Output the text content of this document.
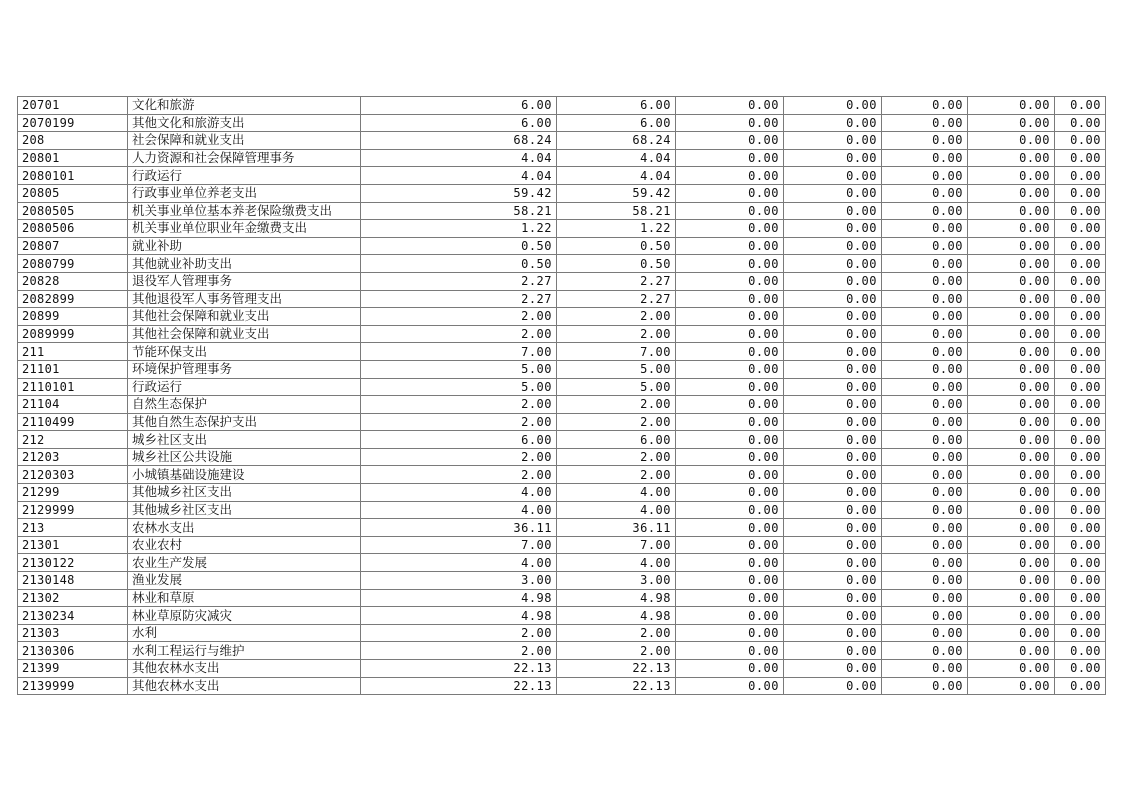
20701	文化和旅游	6.00	6.00	0.00	0.00	0.00	0.00	0.00
2070199	其他文化和旅游支出	6.00	6.00	0.00	0.00	0.00	0.00	0.00
208	社会保障和就业支出	68.24	68.24	0.00	0.00	0.00	0.00	0.00
20801	人力资源和社会保障管理事务	4.04	4.04	0.00	0.00	0.00	0.00	0.00
2080101	行政运行	4.04	4.04	0.00	0.00	0.00	0.00	0.00
20805	行政事业单位养老支出	59.42	59.42	0.00	0.00	0.00	0.00	0.00
2080505	机关事业单位基本养老保险缴费支出	58.21	58.21	0.00	0.00	0.00	0.00	0.00
2080506	机关事业单位职业年金缴费支出	1.22	1.22	0.00	0.00	0.00	0.00	0.00
20807	就业补助	0.50	0.50	0.00	0.00	0.00	0.00	0.00
2080799	其他就业补助支出	0.50	0.50	0.00	0.00	0.00	0.00	0.00
20828	退役军人管理事务	2.27	2.27	0.00	0.00	0.00	0.00	0.00
2082899	其他退役军人事务管理支出	2.27	2.27	0.00	0.00	0.00	0.00	0.00
20899	其他社会保障和就业支出	2.00	2.00	0.00	0.00	0.00	0.00	0.00
2089999	其他社会保障和就业支出	2.00	2.00	0.00	0.00	0.00	0.00	0.00
211	节能环保支出	7.00	7.00	0.00	0.00	0.00	0.00	0.00
21101	环境保护管理事务	5.00	5.00	0.00	0.00	0.00	0.00	0.00
2110101	行政运行	5.00	5.00	0.00	0.00	0.00	0.00	0.00
21104	自然生态保护	2.00	2.00	0.00	0.00	0.00	0.00	0.00
2110499	其他自然生态保护支出	2.00	2.00	0.00	0.00	0.00	0.00	0.00
212	城乡社区支出	6.00	6.00	0.00	0.00	0.00	0.00	0.00
21203	城乡社区公共设施	2.00	2.00	0.00	0.00	0.00	0.00	0.00
2120303	小城镇基础设施建设	2.00	2.00	0.00	0.00	0.00	0.00	0.00
21299	其他城乡社区支出	4.00	4.00	0.00	0.00	0.00	0.00	0.00
2129999	其他城乡社区支出	4.00	4.00	0.00	0.00	0.00	0.00	0.00
213	农林水支出	36.11	36.11	0.00	0.00	0.00	0.00	0.00
21301	农业农村	7.00	7.00	0.00	0.00	0.00	0.00	0.00
2130122	农业生产发展	4.00	4.00	0.00	0.00	0.00	0.00	0.00
2130148	渔业发展	3.00	3.00	0.00	0.00	0.00	0.00	0.00
21302	林业和草原	4.98	4.98	0.00	0.00	0.00	0.00	0.00
2130234	林业草原防灾减灾	4.98	4.98	0.00	0.00	0.00	0.00	0.00
21303	水利	2.00	2.00	0.00	0.00	0.00	0.00	0.00
2130306	水利工程运行与维护	2.00	2.00	0.00	0.00	0.00	0.00	0.00
21399	其他农林水支出	22.13	22.13	0.00	0.00	0.00	0.00	0.00
2139999	其他农林水支出	22.13	22.13	0.00	0.00	0.00	0.00	0.00
